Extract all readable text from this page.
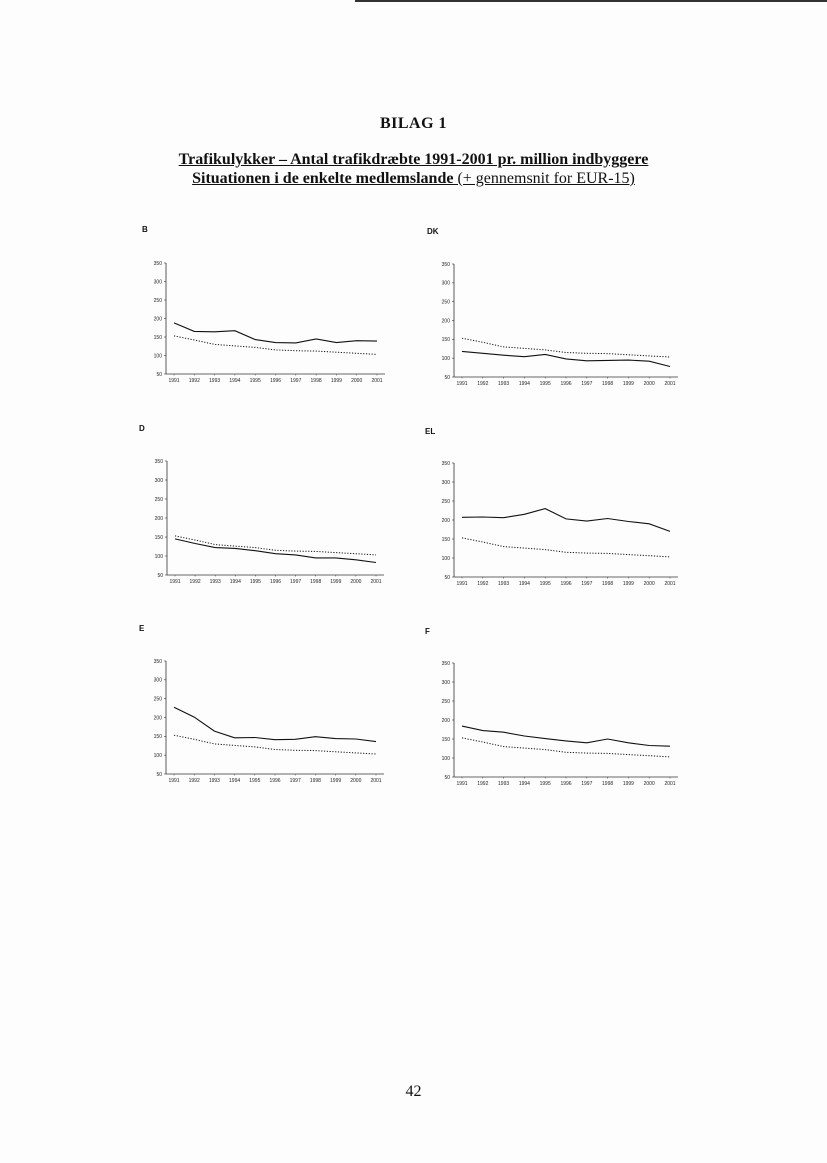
BILAG 1
Trafikulykker – Antal trafikdræbte 1991-2001 pr. million indbyggere
Situationen i de enkelte medlemslande (+ gennemsnit for EUR-15)
B	DK
D	EL
E	F
50
100
150
200
250
300
350
1991 1992 1993 1994 1995 1996 1997 1998 1999 2000 2001
50
100
150
200
250
300
350
1991 1992 1993 1994 1995 1996 1997 1998 1999 2000 2001
50
100
150
200
250
300
350
1991 1992 1993 1994 1995 1996 1997 1998 1999 2000 2001
50
100
150
200
250
300
350
1991 1992 1993 1994 1995 1996 1997 1998 1999 2000 2001
50
100
150
200
250
300
350
1991 1992 1993 1994 1995 1996 1997 1998 1999 2000 2001
50
100
150
200
250
300
350
1991 1992 1993 1994 1995 1996 1997 1998 1999 2000 2001
42
